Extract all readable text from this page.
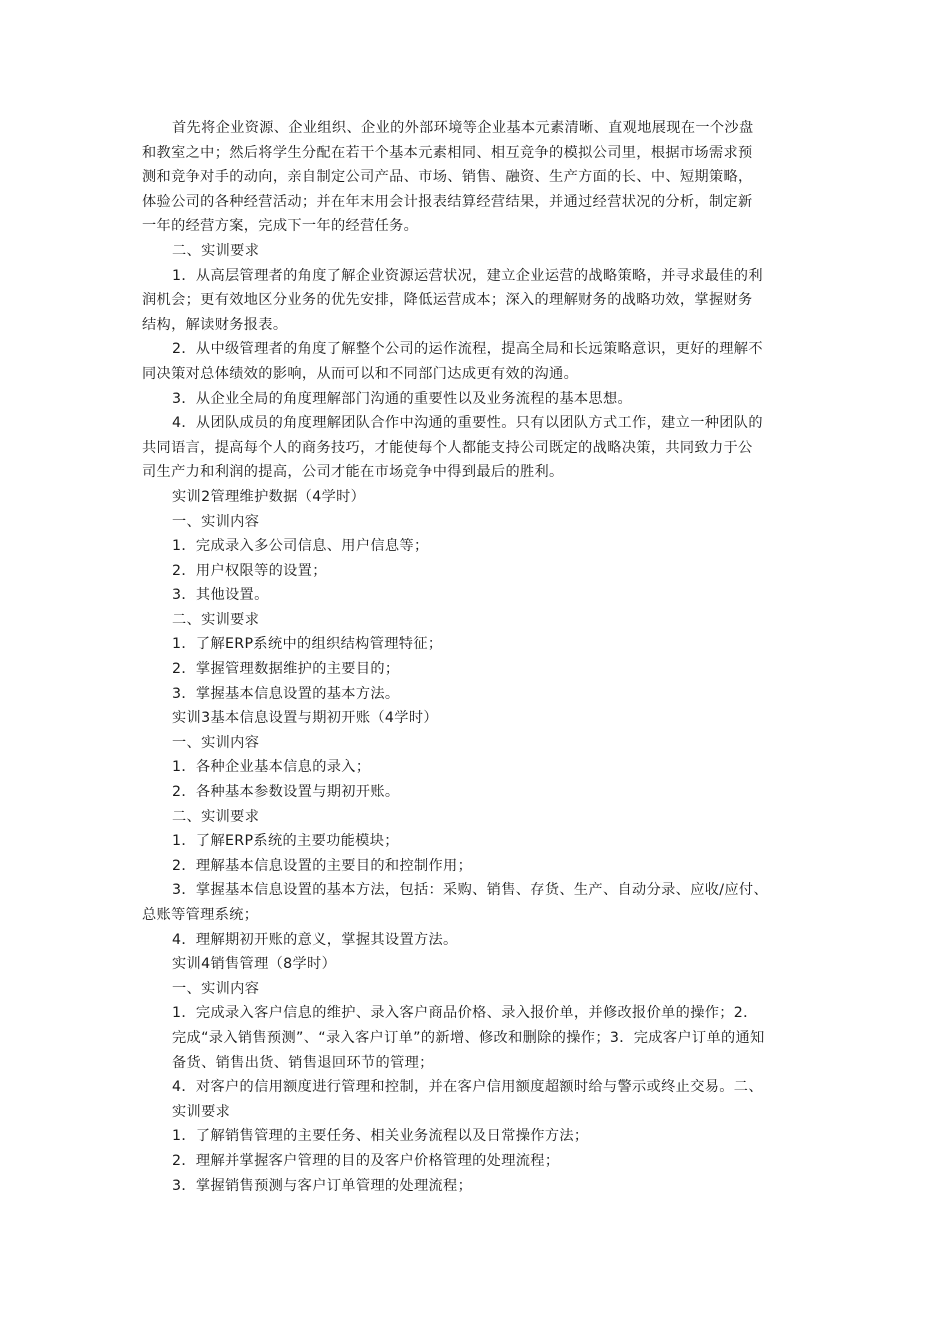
首先将企业资源、企业组织、企业的外部环境等企业基本元素清晰、直观地展现在一个沙盘
和教室之中；然后将学生分配在若干个基本元素相同、相互竞争的模拟公司里，根据市场需求预
测和竞争对手的动向，亲自制定公司产品、市场、销售、融资、生产方面的长、中、短期策略，
体验公司的各种经营活动；并在年末用会计报表结算经营结果，并通过经营状况的分析，制定新
一年的经营方案，完成下一年的经营任务。
二、实训要求
1．从高层管理者的角度了解企业资源运营状况，建立企业运营的战略策略，并寻求最佳的利
润机会；更有效地区分业务的优先安排，降低运营成本；深入的理解财务的战略功效，掌握财务
结构，解读财务报表。
2．从中级管理者的角度了解整个公司的运作流程，提高全局和长远策略意识，更好的理解不
同决策对总体绩效的影响，从而可以和不同部门达成更有效的沟通。
3．从企业全局的角度理解部门沟通的重要性以及业务流程的基本思想。
4．从团队成员的角度理解团队合作中沟通的重要性。只有以团队方式工作，建立一种团队的
共同语言，提高每个人的商务技巧，才能使每个人都能支持公司既定的战略决策，共同致力于公
司生产力和利润的提高，公司才能在市场竞争中得到最后的胜利。
实训2管理维护数据（4学时）
一、实训内容
1．完成录入多公司信息、用户信息等；
2．用户权限等的设置；
3．其他设置。
二、实训要求
1．了解ERP系统中的组织结构管理特征；
2．掌握管理数据维护的主要目的；
3．掌握基本信息设置的基本方法。
实训3基本信息设置与期初开账（4学时）
一、实训内容
1．各种企业基本信息的录入；
2．各种基本参数设置与期初开账。
二、实训要求
1．了解ERP系统的主要功能模块；
2．理解基本信息设置的主要目的和控制作用；
3．掌握基本信息设置的基本方法，包括：采购、销售、存货、生产、自动分录、应收/应付、
总账等管理系统；
4．理解期初开账的意义，掌握其设置方法。
实训4销售管理（8学时）
一、实训内容
1．完成录入客户信息的维护、录入客户商品价格、录入报价单，并修改报价单的操作；2．
完成“录入销售预测”、“录入客户订单”的新增、修改和删除的操作；3．完成客户订单的通知
备货、销售出货、销售退回环节的管理；
4．对客户的信用额度进行管理和控制，并在客户信用额度超额时给与警示或终止交易。二、
实训要求
1．了解销售管理的主要任务、相关业务流程以及日常操作方法；
2．理解并掌握客户管理的目的及客户价格管理的处理流程；
3．掌握销售预测与客户订单管理的处理流程；
